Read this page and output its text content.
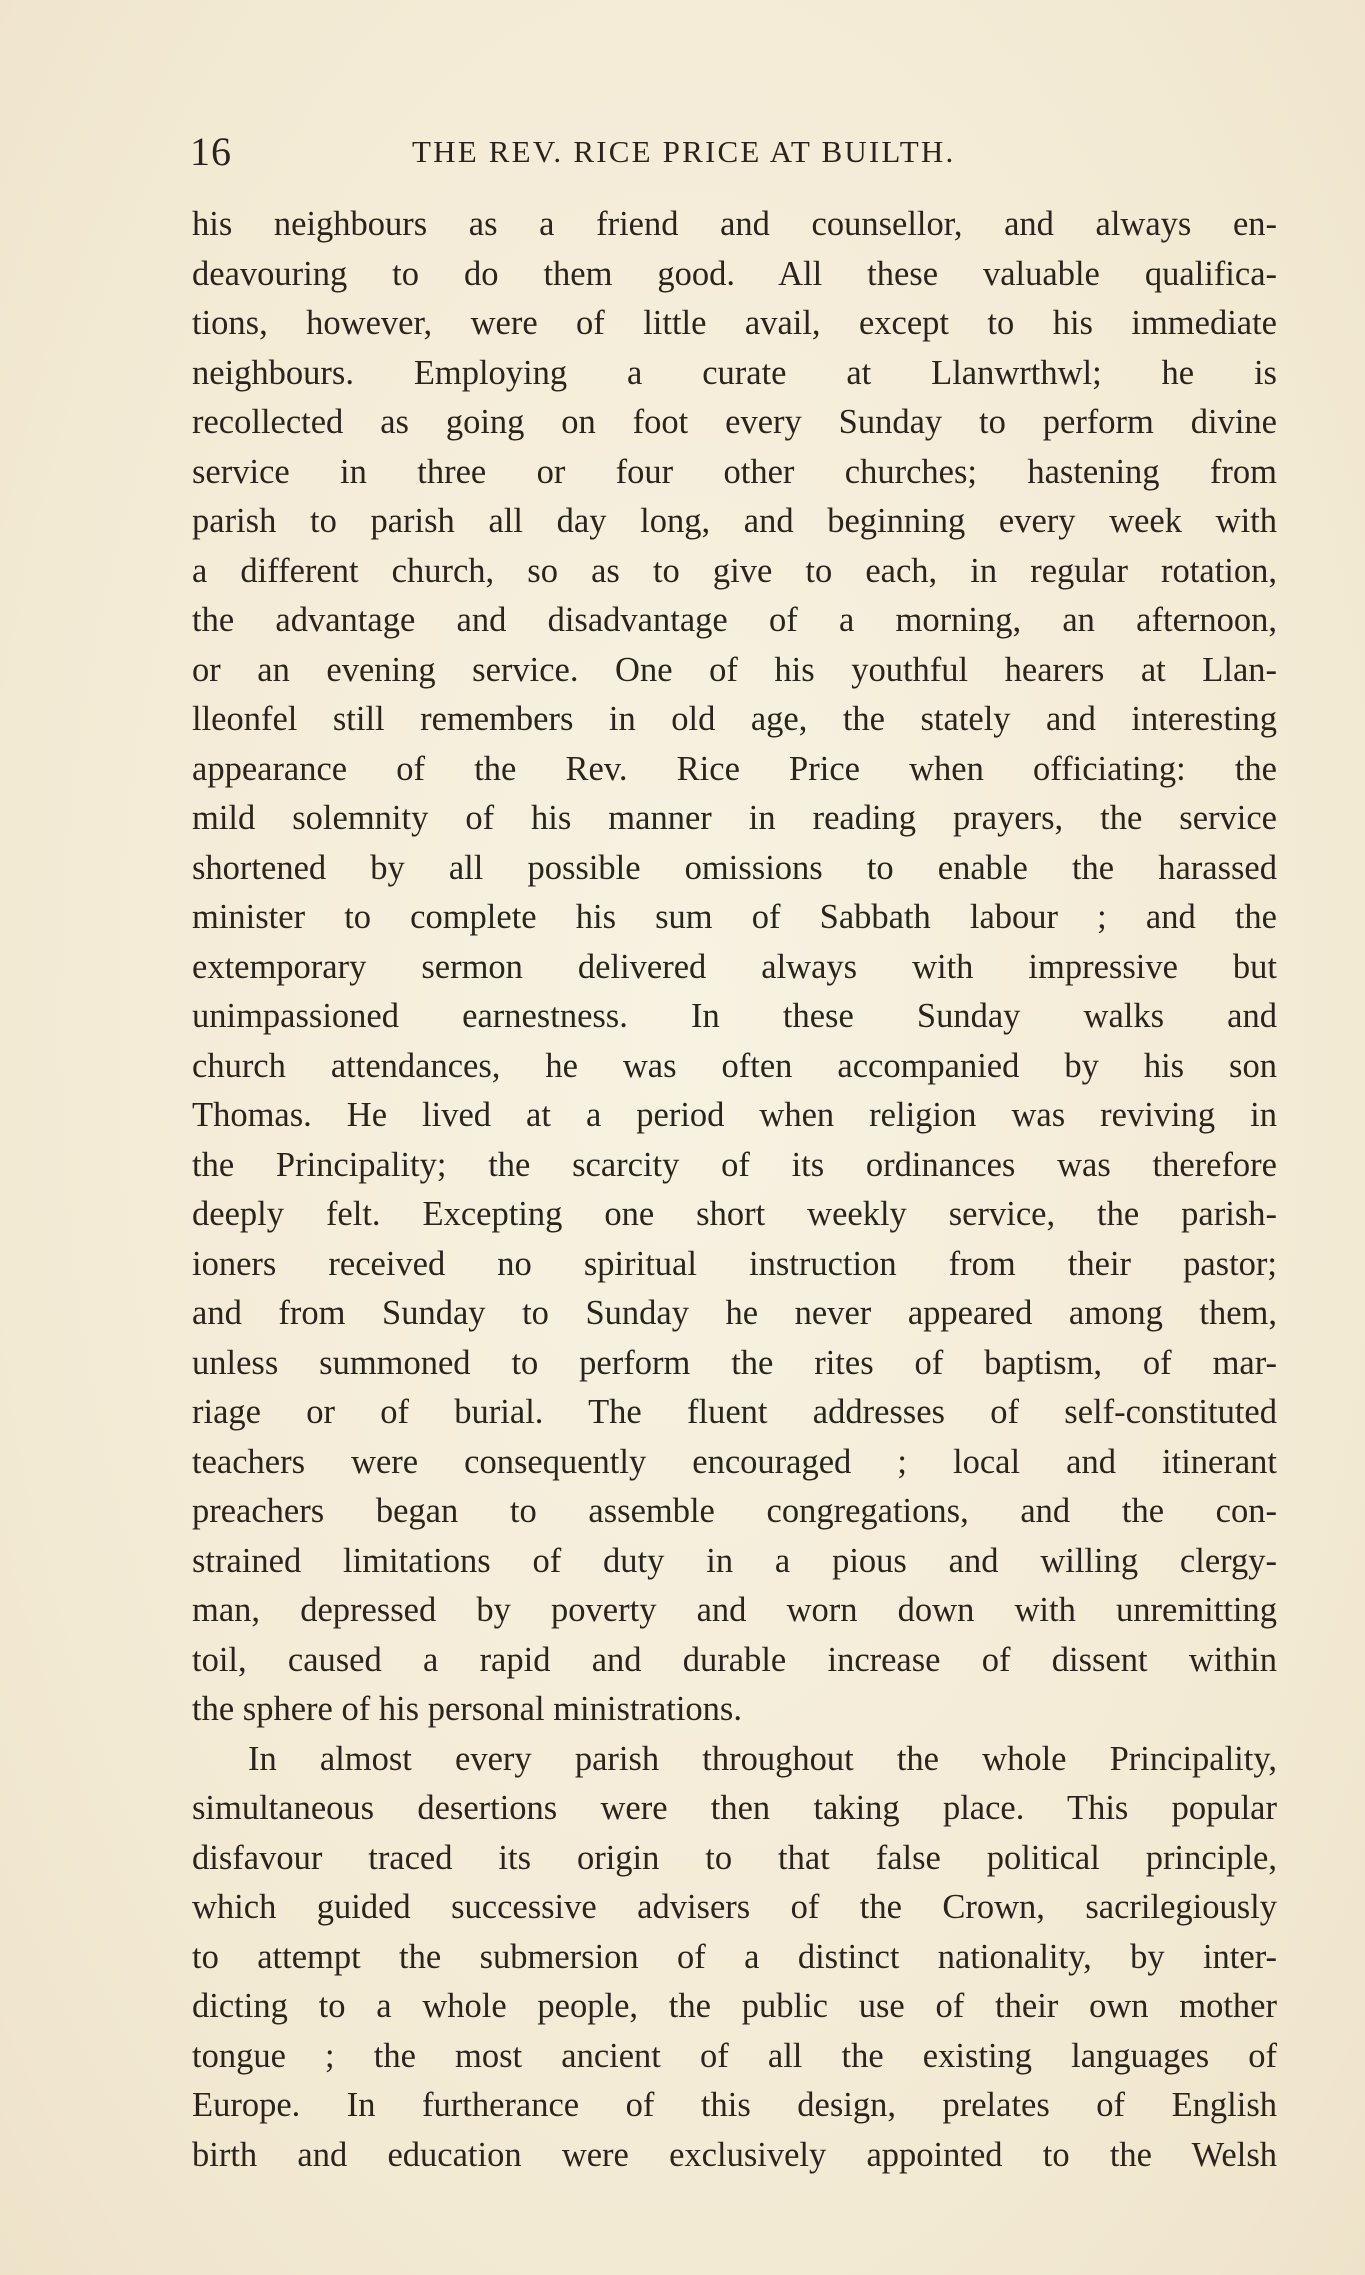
16	THE REV. RICE PRICE AT BUILTH.
his neighbours as a friend and counsellor, and always en-
deavouring to do them good. All these valuable qualifica-
tions, however, were of little avail, except to his immediate
neighbours. Employing a curate at Llanwrthwl; he is
recollected as going on foot every Sunday to perform divine
service in three or four other churches; hastening from
parish to parish all day long, and beginning every week with
a different church, so as to give to each, in regular rotation,
the advantage and disadvantage of a morning, an afternoon,
or an evening service. One of his youthful hearers at Llan-
lleonfel still remembers in old age, the stately and interesting
appearance of the Rev. Rice Price when officiating: the
mild solemnity of his manner in reading prayers, the service
shortened by all possible omissions to enable the harassed
minister to complete his sum of Sabbath labour ; and the
extemporary sermon delivered always with impressive but
unimpassioned earnestness. In these Sunday walks and
church attendances, he was often accompanied by his son
Thomas. He lived at a period when religion was reviving in
the Principality; the scarcity of its ordinances was therefore
deeply felt. Excepting one short weekly service, the parish-
ioners received no spiritual instruction from their pastor;
and from Sunday to Sunday he never appeared among them,
unless summoned to perform the rites of baptism, of mar-
riage or of burial. The fluent addresses of self-constituted
teachers were consequently encouraged ; local and itinerant
preachers began to assemble congregations, and the con-
strained limitations of duty in a pious and willing clergy-
man, depressed by poverty and worn down with unremitting
toil, caused a rapid and durable increase of dissent within
the sphere of his personal ministrations.
In almost every parish throughout the whole Principality,
simultaneous desertions were then taking place. This popular
disfavour traced its origin to that false political principle,
which guided successive advisers of the Crown, sacrilegiously
to attempt the submersion of a distinct nationality, by inter-
dicting to a whole people, the public use of their own mother
tongue ; the most ancient of all the existing languages of
Europe. In furtherance of this design, prelates of English
birth and education were exclusively appointed to the Welsh
